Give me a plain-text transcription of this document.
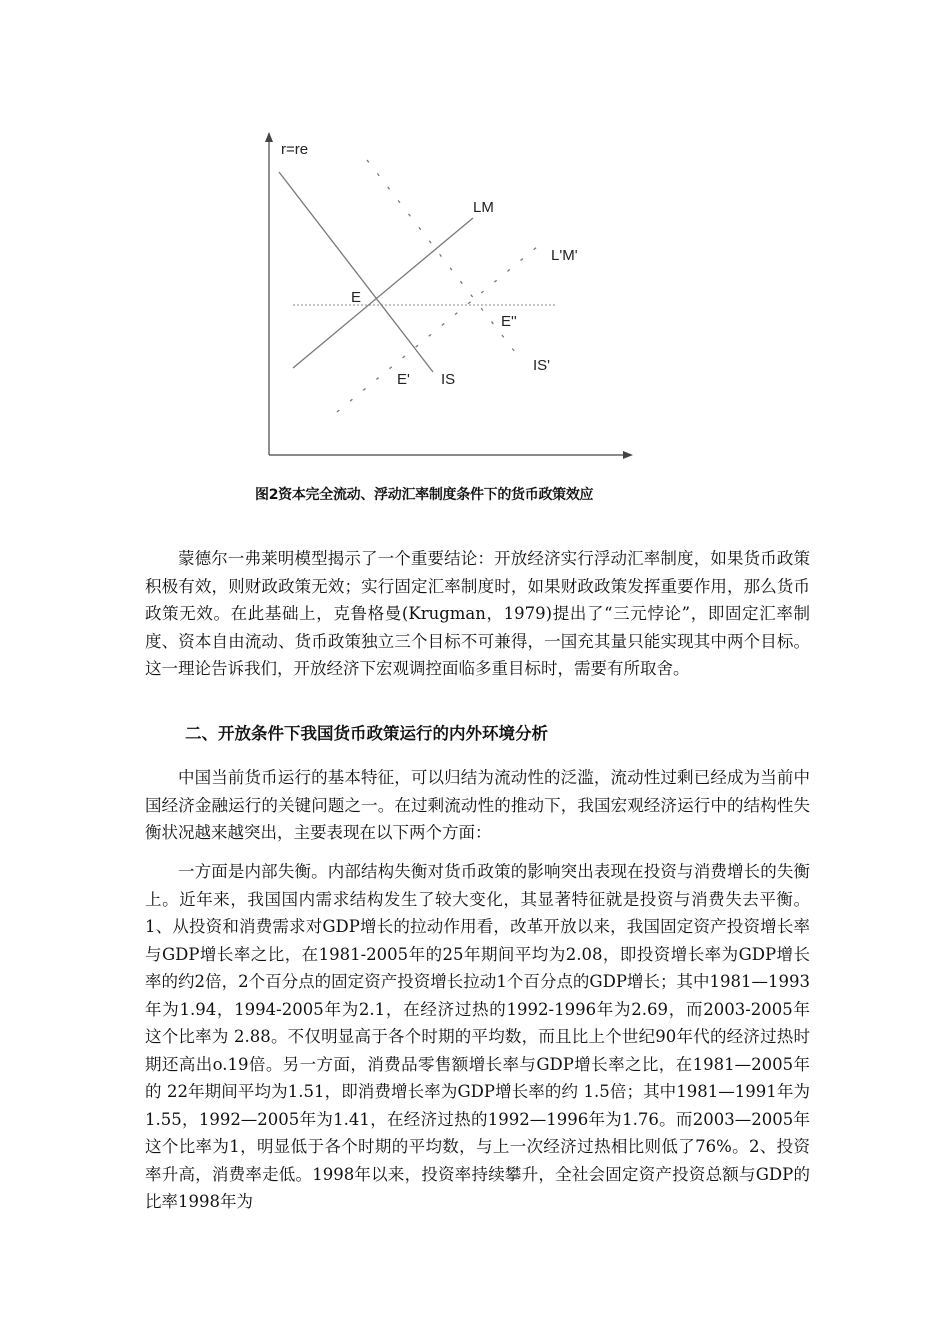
r=re
LM
L'M'
E
E''
IS'
E' IS
图2资本完全流动、浮动汇率制度条件下的货币政策效应

蒙德尔一弗莱明模型揭示了一个重要结论：开放经济实行浮动汇率制度，如果货币政策积极有效，则财政政策无效；实行固定汇率制度时，如果财政政策发挥重要作用，那么货币政策无效。在此基础上，克鲁格曼(Krugman，1979)提出了“三元悖论”，即固定汇率制度、资本自由流动、货币政策独立三个目标不可兼得，一国充其量只能实现其中两个目标。这一理论告诉我们，开放经济下宏观调控面临多重目标时，需要有所取舍。

二、开放条件下我国货币政策运行的内外环境分析

中国当前货币运行的基本特征，可以归结为流动性的泛滥，流动性过剩已经成为当前中国经济金融运行的关键问题之一。在过剩流动性的推动下，我国宏观经济运行中的结构性失衡状况越来越突出，主要表现在以下两个方面：

一方面是内部失衡。内部结构失衡对货币政策的影响突出表现在投资与消费增长的失衡上。近年来，我国国内需求结构发生了较大变化，其显著特征就是投资与消费失去平衡。1、从投资和消费需求对GDP增长的拉动作用看，改革开放以来，我国固定资产投资增长率与GDP增长率之比，在1981-2005年的25年期间平均为2.08，即投资增长率为GDP增长率的约2倍，2个百分点的固定资产投资增长拉动1个百分点的GDP增长；其中1981—1993年为1.94，1994-2005年为2.1，在经济过热的1992-1996年为2.69，而2003-2005年这个比率为 2.88。不仅明显高于各个时期的平均数，而且比上个世纪90年代的经济过热时期还高出o.19倍。另一方面，消费品零售额增长率与GDP增长率之比，在1981—2005年的 22年期间平均为1.51，即消费增长率为GDP增长率的约 1.5倍；其中1981—1991年为1.55，1992—2005年为1.41，在经济过热的1992—1996年为1.76。而2003—2005年这个比率为1，明显低于各个时期的平均数，与上一次经济过热相比则低了76%。2、投资率升高，消费率走低。1998年以来，投资率持续攀升，全社会固定资产投资总额与GDP的比率1998年为
